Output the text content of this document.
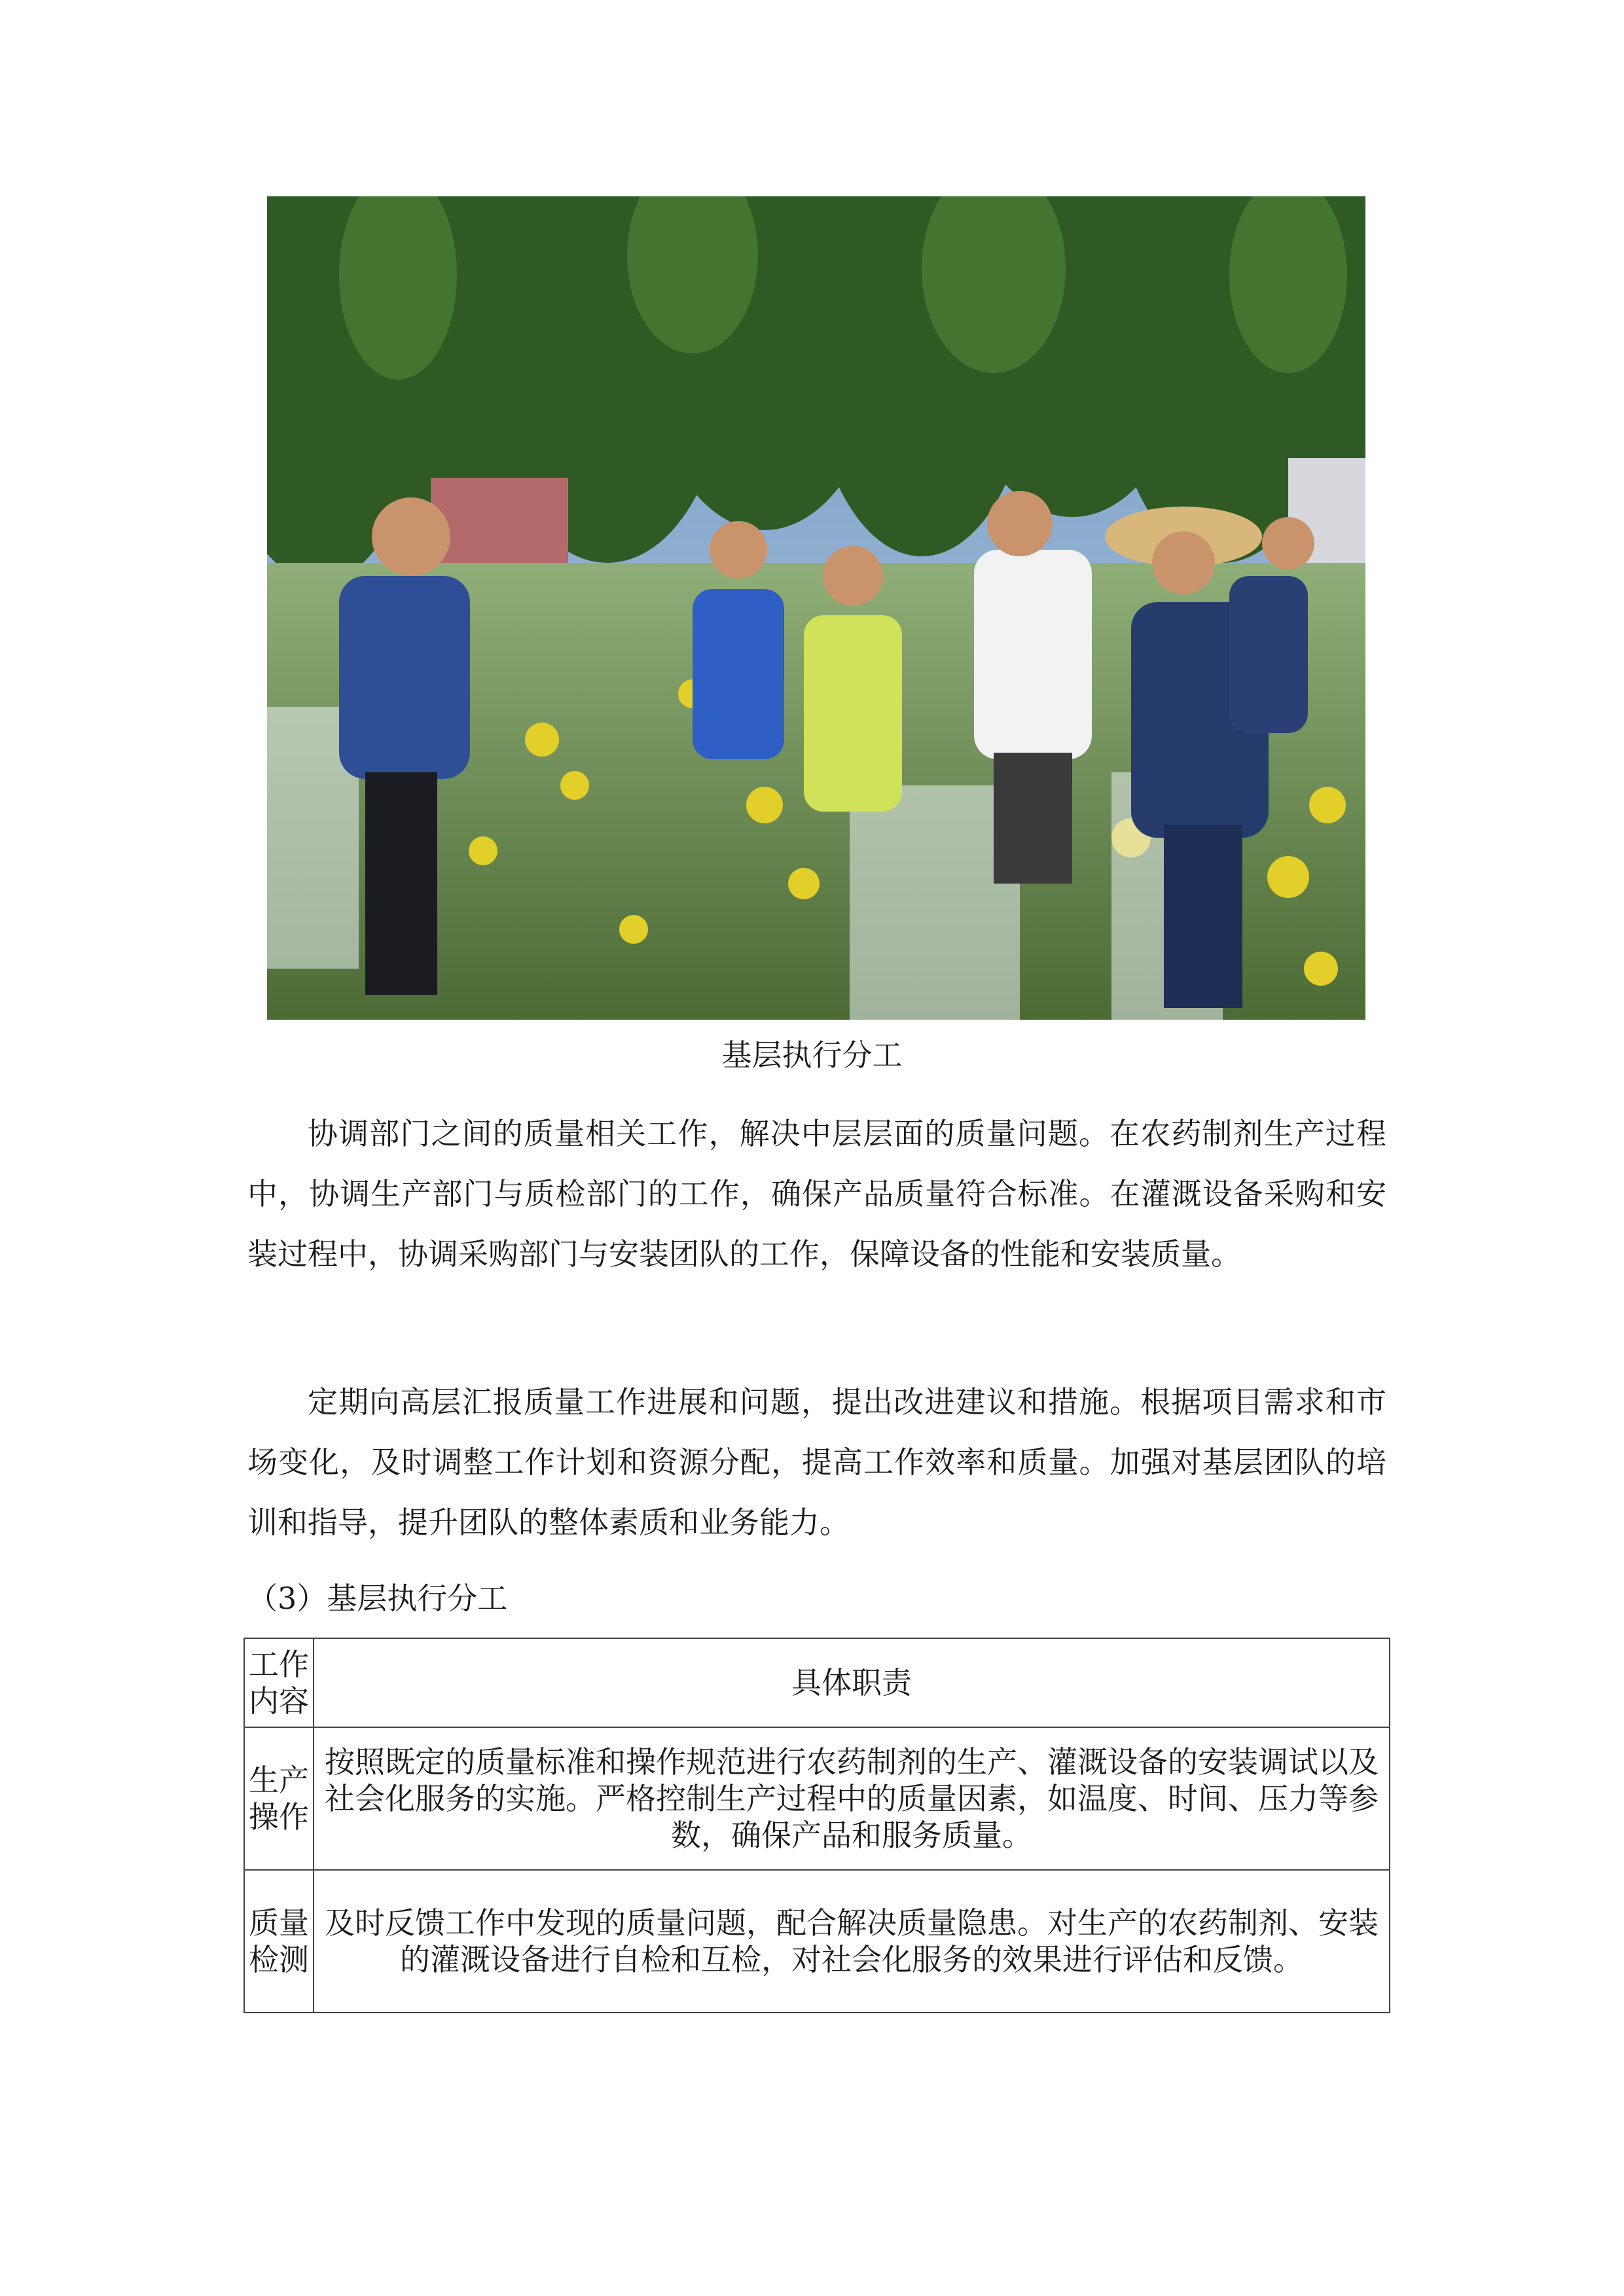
基层执行分工

协调部门之间的质量相关工作，解决中层层面的质量问题。在农药制剂生产过程中，协调生产部门与质检部门的工作，确保产品质量符合标准。在灌溉设备采购和安装过程中，协调采购部门与安装团队的工作，保障设备的性能和安装质量。

定期向高层汇报质量工作进展和问题，提出改进建议和措施。根据项目需求和市场变化，及时调整工作计划和资源分配，提高工作效率和质量。加强对基层团队的培训和指导，提升团队的整体素质和业务能力。

（3）基层执行分工
工作内容	具体职责
生产操作	按照既定的质量标准和操作规范进行农药制剂的生产、灌溉设备的安装调试以及社会化服务的实施。严格控制生产过程中的质量因素，如温度、时间、压力等参数，确保产品和服务质量。
质量检测	及时反馈工作中发现的质量问题，配合解决质量隐患。对生产的农药制剂、安装的灌溉设备进行自检和互检，对社会化服务的效果进行评估和反馈。
